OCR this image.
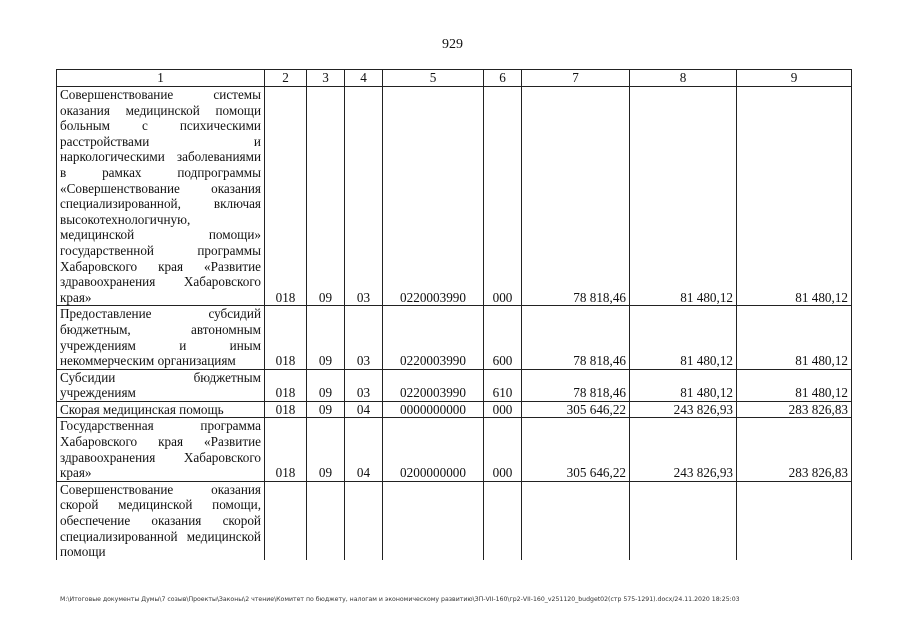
929
1	2	3	4	5	6	7	8	9
Совершенствование системы оказания медицинской помощи больным с психическими расстройствами и наркологическими заболеваниями в рамках подпрограммы «Совершенствование оказания специализированной, включая высокотехнологичную, медицинской помощи» государственной программы Хабаровского края «Развитие здравоохранения Хабаровского края»	018	09	03	0220003990	000	78 818,46	81 480,12	81 480,12
Предоставление субсидий бюджетным, автономным учреждениям и иным некоммерческим организациям	018	09	03	0220003990	600	78 818,46	81 480,12	81 480,12
Субсидии бюджетным учреждениям	018	09	03	0220003990	610	78 818,46	81 480,12	81 480,12
Скорая медицинская помощь	018	09	04	0000000000	000	305 646,22	243 826,93	283 826,83
Государственная программа Хабаровского края «Развитие здравоохранения Хабаровского края»	018	09	04	0200000000	000	305 646,22	243 826,93	283 826,83
Совершенствование оказания скорой медицинской помощи, обеспечение оказания скорой специализированной медицинской помощи								
M:\Итоговые документы Думы\7 созыв\Проекты\Законы\2 чтение\Комитет по бюджету, налогам и экономическому развитию\ЗП-VII-160\гр2-VII-160_v251120_budget02(стр 575-1291).docx/24.11.2020 18:25:03
